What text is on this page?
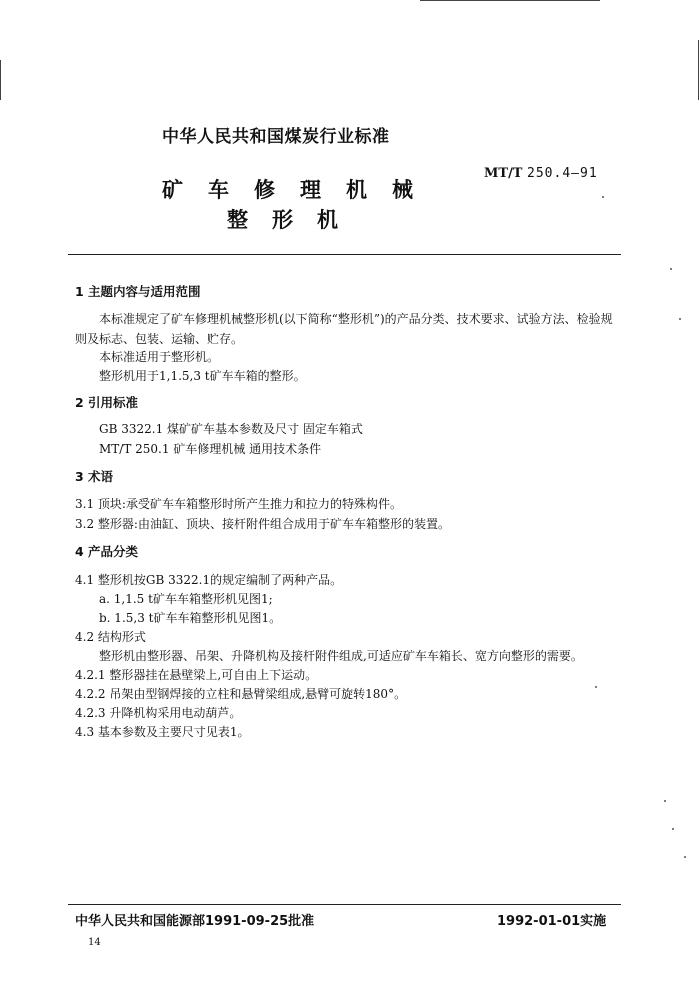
中华人民共和国煤炭行业标准
矿车修理机械
整形机
MT/T 250.4—91
1 主题内容与适用范围
本标准规定了矿车修理机械整形机(以下简称“整形机”)的产品分类、技术要求、试验方法、检验规
则及标志、包装、运输、贮存。
本标准适用于整形机。
整形机用于1,1.5,3 t矿车车箱的整形。
2 引用标准
GB 3322.1 煤矿矿车基本参数及尺寸 固定车箱式
MT/T 250.1 矿车修理机械 通用技术条件
3 术语
3.1 顶块:承受矿车车箱整形时所产生推力和拉力的特殊构件。
3.2 整形器:由油缸、顶块、接杆附件组合成用于矿车车箱整形的装置。
4 产品分类
4.1 整形机按GB 3322.1的规定编制了两种产品。
a. 1,1.5 t矿车车箱整形机见图1;
b. 1.5,3 t矿车车箱整形机见图1。
4.2 结构形式
整形机由整形器、吊架、升降机构及接杆附件组成,可适应矿车车箱长、宽方向整形的需要。
4.2.1 整形器挂在悬壁梁上,可自由上下运动。
4.2.2 吊架由型钢焊接的立柱和悬臂梁组成,悬臂可旋转180°。
4.2.3 升降机构采用电动葫芦。
4.3 基本参数及主要尺寸见表1。
中华人民共和国能源部1991-09-25批准	1992-01-01实施
14
